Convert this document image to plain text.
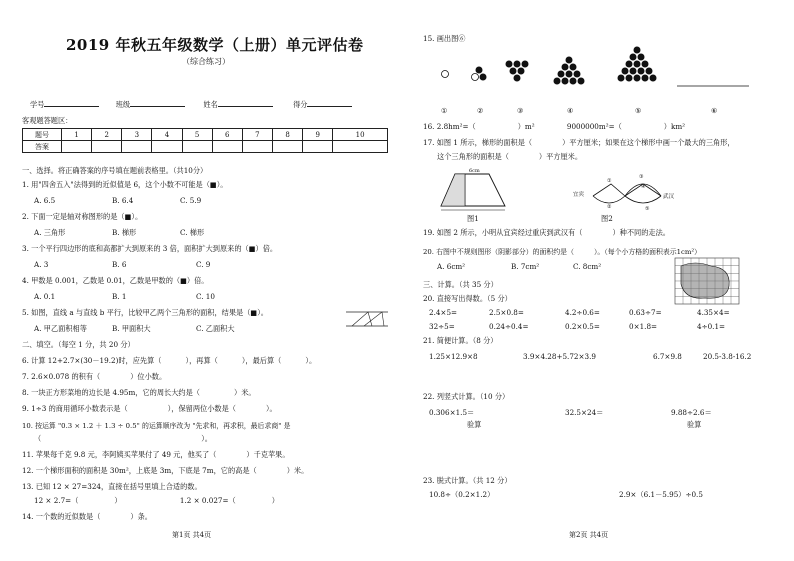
2019 年秋五年级数学（上册）单元评估卷
（综合练习）
学号	班级	姓名	得分
客观题答题区：
题号	1	2	3	4	5	6	7	8	9	10
答案										
一、选择。将正确答案的序号填在题前表格里。（共10分）
1. 用"四舍五入"法得到的近似值是 6，这个小数不可能是（■）。
A. 6.5	B. 6.4	C. 5.9
2. 下面一定是轴对称图形的是（■）。
A. 三角形	B. 梯形	C. 梯形
3. 一个平行四边形的底和高都扩大到原来的 3 倍，面积扩大到原来的（■）倍。
A. 3	B. 6	C. 9
4. 甲数是 0.001，乙数是 0.01，乙数是甲数的（■）倍。
A. 0.1	B. 1	C. 10
5. 如图，直线 a 与直线 b 平行，比较甲乙两个三角形的面积，结果是（■）。
A. 甲乙面积相等	B. 甲面积大	C. 乙面积大
二、填空。（每空 1 分，共 20 分）
6. 计算 12+2.7×(30－19.2)时，应先算（	），再算（	），最后算（	）。
7. 2.6×0.078 的积有（	）位小数。
8. 一块正方形菜地的边长是 4.95m，它的周长大约是（	）米。
9. 1÷3 的商用循环小数表示是（	），保留两位小数是（	）。
10. 按运算 "0.3 × 1.2 ＋ 1.3 ÷ 0.5" 的运算顺序改为 "先求和，再求积，最后求商" 是
（	）。
11. 苹果每千克 9.8 元，李阿姨买苹果付了 49 元，他买了（	）千克苹果。
12. 一个梯形面积的面积是 30m²，上底是 3m，下底是 7m，它的高是（	）米。
13. 已知 12 × 27=324，直接在括号里填上合适的数。
12 × 2.7=（	）	1.2 × 0.027=（	）
14. 一个数的近似数是（	）条。
第1页 共4页
15. 画出图⑥
①	②	③	④	⑤	⑥
16. 2.8hm²=（	）m²	9000000m²=（	）km²
17. 如图 1 所示，梯形的面积是（	）平方厘米；如果在这个梯形中画一个最大的三角形，
这个三角形的面积是（	）平方厘米。
6cm
图1
宜宾	武汉
①
②
③
④
⑤
图2
19. 如图 2 所示，小明从宜宾经过重庆到武汉有（	）种不同的走法。
20. 右图中不规则图形（阴影部分）的面积约是（	）。（每个小方格的面积表示1cm²）
A. 6cm²	B. 7cm²	C. 8cm²
三、计算。（共 35 分）
20. 直接写出得数。（5 分）
2.4×5=	2.5×0.8=	4.2÷0.6=	0.63÷7=	4.35×4=
32÷5=	0.24÷0.4=	0.2×0.5=	0×1.8=	4÷0.1=
21. 简便计算。（8 分）
1.25×12.9×8	3.9×4.28+5.72×3.9	6.7×9.8	20.5-3.8-16.2
22. 列竖式计算。（10 分）
0.306×1.5＝	32.5×24＝	9.88÷2.6＝
验算	验算
23. 脱式计算。（共 12 分）
10.8÷（0.2×1.2）	2.9×（6.1－5.95）÷0.5
第2页 共4页
